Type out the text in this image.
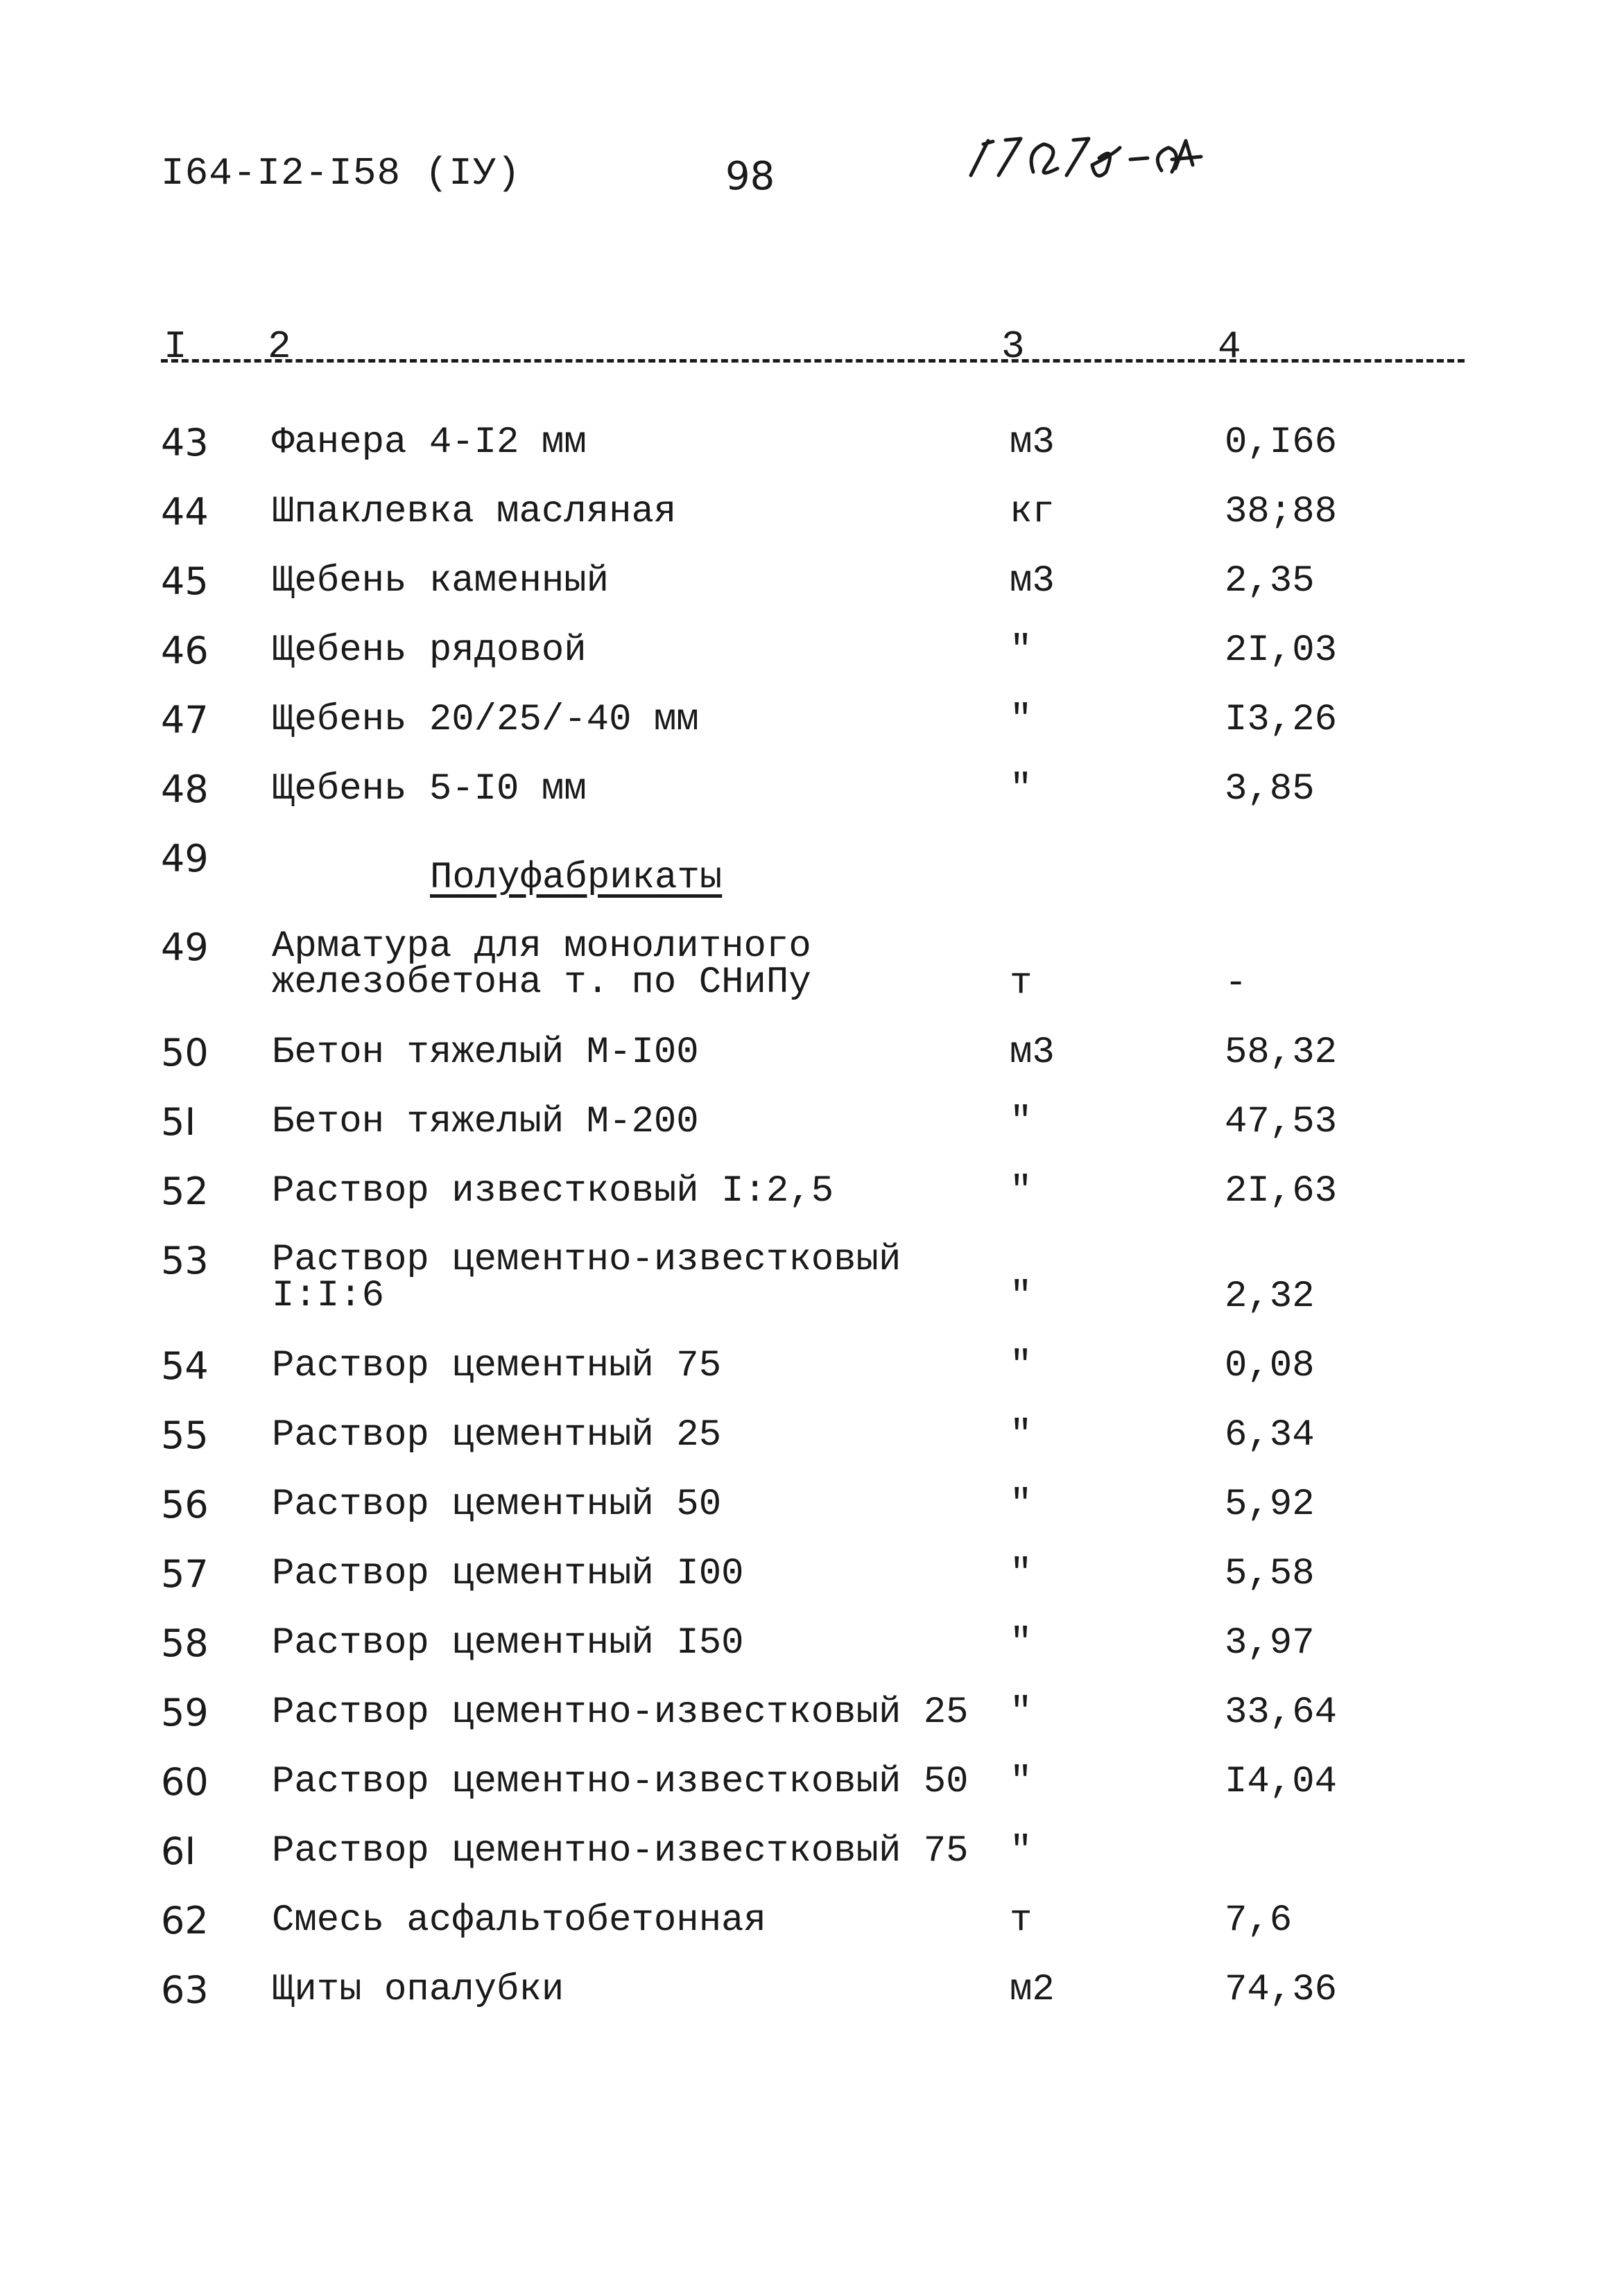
I64-I2-I58 (IУ)	98
I 2	3	4
43 Фанера 4-I2 мм	м3	0,I66
44 Шпаклевка масляная	кг	38;88
45 Щебень каменный	м3	2,35
46 Щебень рядовой	"	2I,03
47 Щебень 20/25/-40 мм	"	I3,26
48 Щебень 5-I0 мм	"	3,85
49	Полуфабрикаты
49 Арматура для монолитного
железобетона т. по СНиПу	т	-
50 Бетон тяжелый М-I00	м3	58,32
5I Бетон тяжелый М-200	"	47,53
52 Раствор известковый I:2,5	"	2I,63
53 Раствор цементно-известковый
I:I:6	"	2,32
54 Раствор цементный 75	"	0,08
55 Раствор цементный 25	"	6,34
56 Раствор цементный 50	"	5,92
57 Раствор цементный I00	"	5,58
58 Раствор цементный I50	"	3,97
59 Раствор цементно-известковый 25 "	33,64
60 Раствор цементно-известковый 50 "	I4,04
6I Раствор цементно-известковый 75 "
62 Смесь асфальтобетонная	т	7,6
63 Щиты опалубки	м2	74,36
